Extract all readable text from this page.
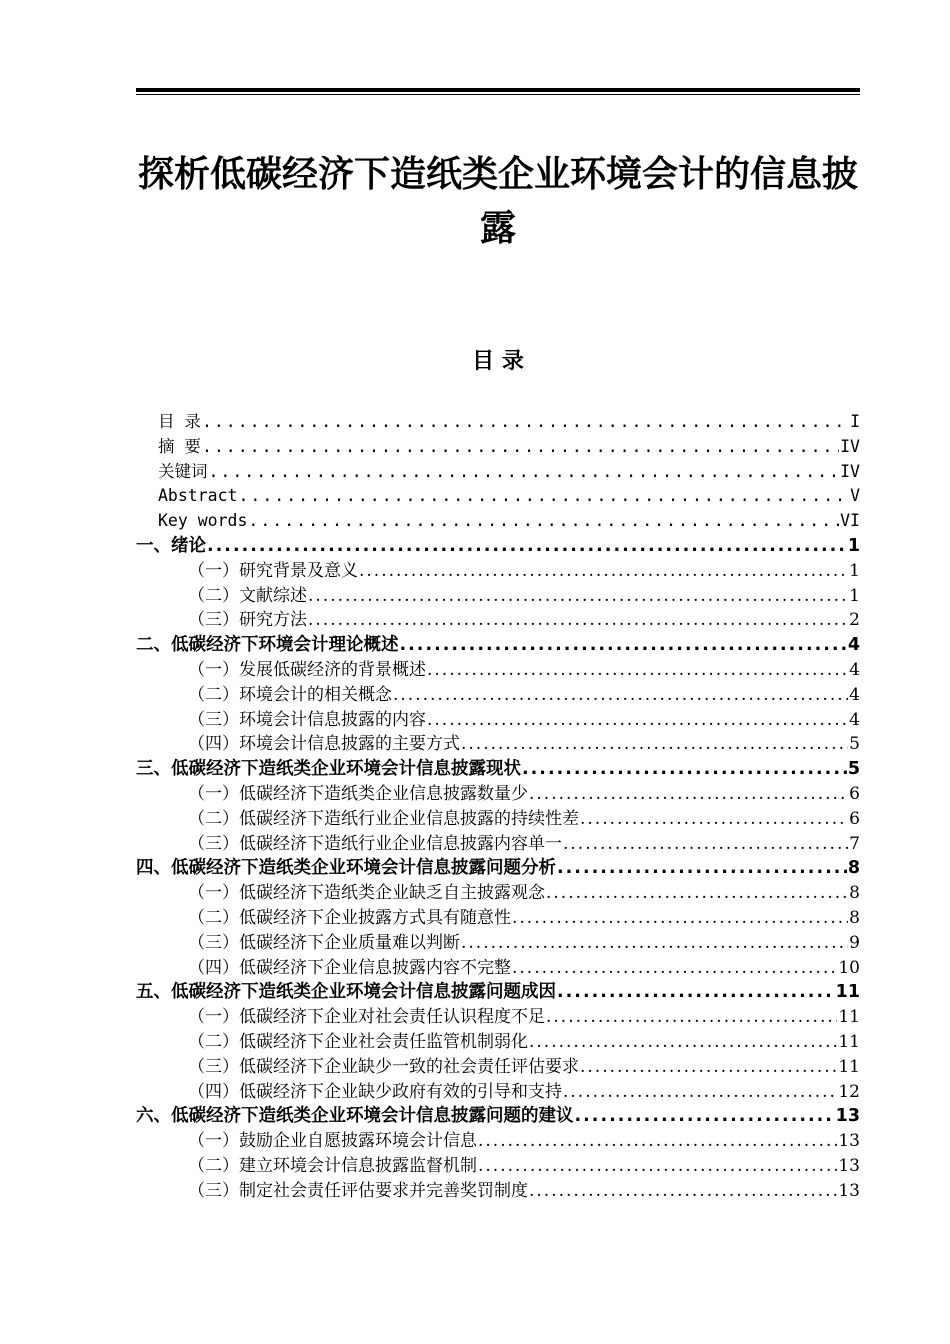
探析低碳经济下造纸类企业环境会计的信息披露
目 录
目 录 .....	I
摘 要 .....	IV
关键词 .....	IV
Abstract .....	V
Key words .....	VI
一、绪论 .....	1
（一）研究背景及意义 .....	1
（二）文献综述 .....	1
（三）研究方法 .....	2
二、低碳经济下环境会计理论概述 .....	4
（一）发展低碳经济的背景概述 .....	4
（二）环境会计的相关概念 .....	4
（三）环境会计信息披露的内容 .....	4
（四）环境会计信息披露的主要方式 .....	5
三、低碳经济下造纸类企业环境会计信息披露现状 .....	5
（一）低碳经济下造纸类企业信息披露数量少 .....	6
（二）低碳经济下造纸行业企业信息披露的持续性差 .....	6
（三）低碳经济下造纸行业企业信息披露内容单一 .....	7
四、低碳经济下造纸类企业环境会计信息披露问题分析 .....	8
（一）低碳经济下造纸类企业缺乏自主披露观念 .....	8
（二）低碳经济下企业披露方式具有随意性 .....	8
（三）低碳经济下企业质量难以判断 .....	9
（四）低碳经济下企业信息披露内容不完整 .....	10
五、低碳经济下造纸类企业环境会计信息披露问题成因 .....	11
（一）低碳经济下企业对社会责任认识程度不足 .....	11
（二）低碳经济下企业社会责任监管机制弱化 .....	11
（三）低碳经济下企业缺少一致的社会责任评估要求 .....	11
（四）低碳经济下企业缺少政府有效的引导和支持 .....	12
六、低碳经济下造纸类企业环境会计信息披露问题的建议 .....	13
（一）鼓励企业自愿披露环境会计信息 .....	13
（二）建立环境会计信息披露监督机制 .....	13
（三）制定社会责任评估要求并完善奖罚制度 .....	13
